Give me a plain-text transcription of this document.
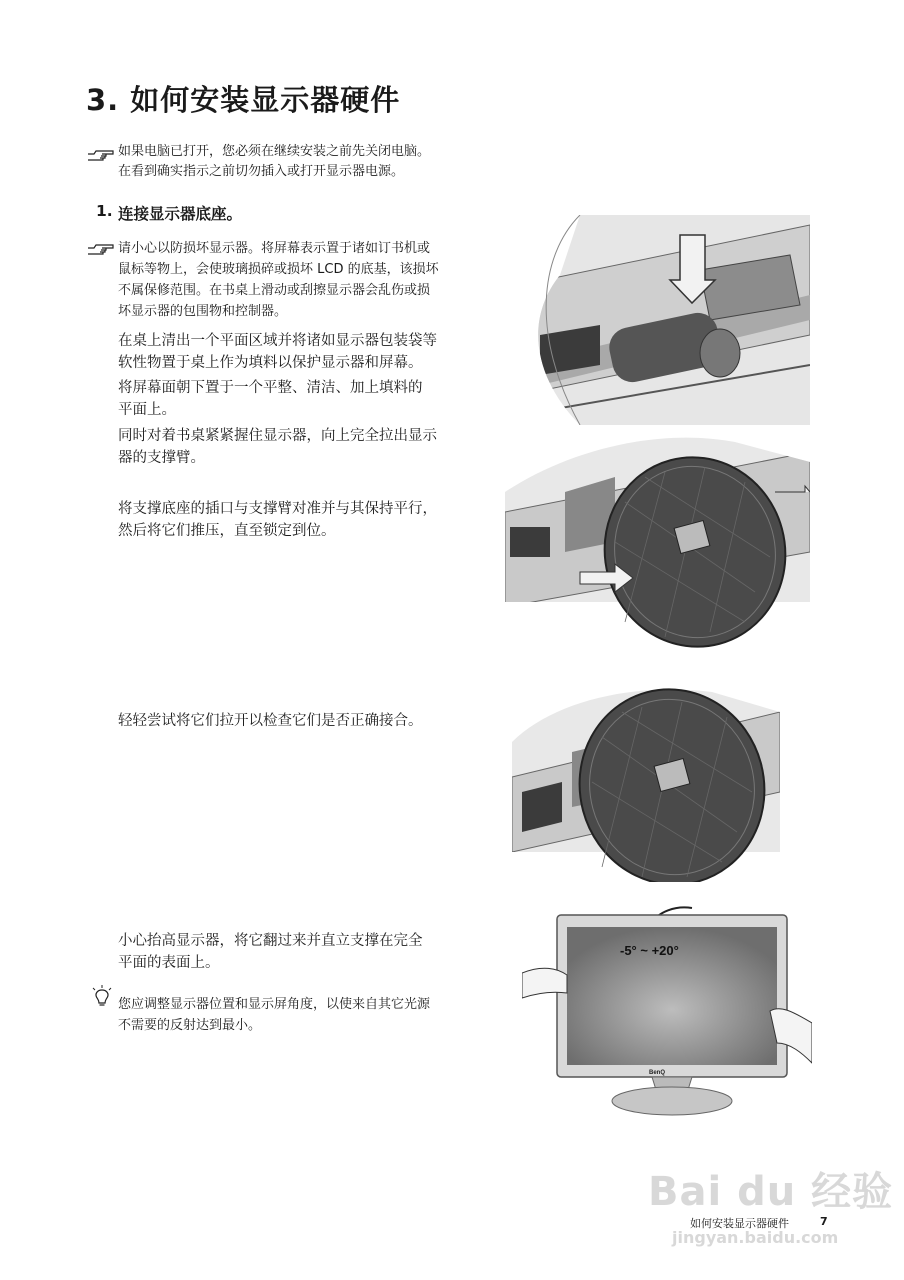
3. 如何安装显示器硬件
如果电脑已打开，您必须在继续安装之前先关闭电脑。
在看到确实指示之前切勿插入或打开显示器电源。
1. 连接显示器底座。
请小心以防损坏显示器。将屏幕表示置于诸如订书机或
鼠标等物上，会使玻璃损碎或损坏 LCD 的底基，该损坏
不属保修范围。在书桌上滑动或刮擦显示器会乱伤或损
坏显示器的包围物和控制器。
在桌上清出一个平面区域并将诸如显示器包装袋等
软性物置于桌上作为填料以保护显示器和屏幕。
将屏幕面朝下置于一个平整、清洁、加上填料的
平面上。
同时对着书桌紧紧握住显示器，向上完全拉出显示
器的支撑臂。
将支撑底座的插口与支撑臂对准并与其保持平行，
然后将它们推压，直至锁定到位。
轻轻尝试将它们拉开以检查它们是否正确接合。
小心抬高显示器，将它翻过来并直立支撑在完全
平面的表面上。
您应调整显示器位置和显示屏角度，以使来自其它光源
不需要的反射达到最小。
-5° ~ +20°
BenQ
Bai du 经验
jingyan.baidu.com
如何安装显示器硬件	7
